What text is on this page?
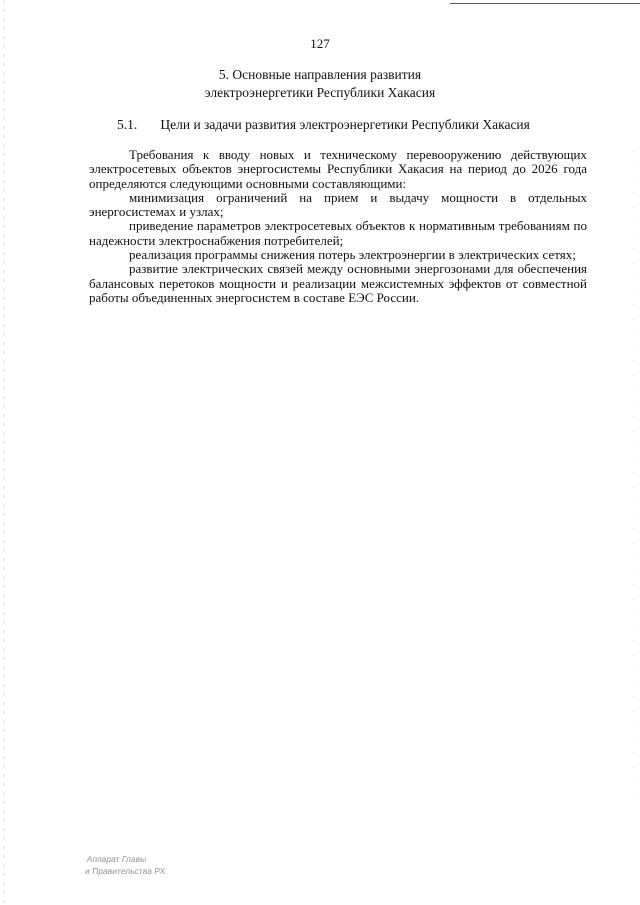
127
5. Основные направления развития
электроэнергетики Республики Хакасия
5.1. Цели и задачи развития электроэнергетики Республики Хакасия

Требования к вводу новых и техническому перевооружению действующих электросетевых объектов энергосистемы Республики Хакасия на период до 2026 года определяются следующими основными составляющими:

минимизация ограничений на прием и выдачу мощности в отдельных энергосистемах и узлах;

приведение параметров электросетевых объектов к нормативным требованиям по надежности электроснабжения потребителей;

реализация программы снижения потерь электроэнергии в электрических сетях;

развитие электрических связей между основными энергозонами для обеспечения балансовых перетоков мощности и реализации межсистемных эффектов от совместной работы объединенных энергосистем в составе ЕЭС России.

Аппарат Главы
и Правительства РХ
